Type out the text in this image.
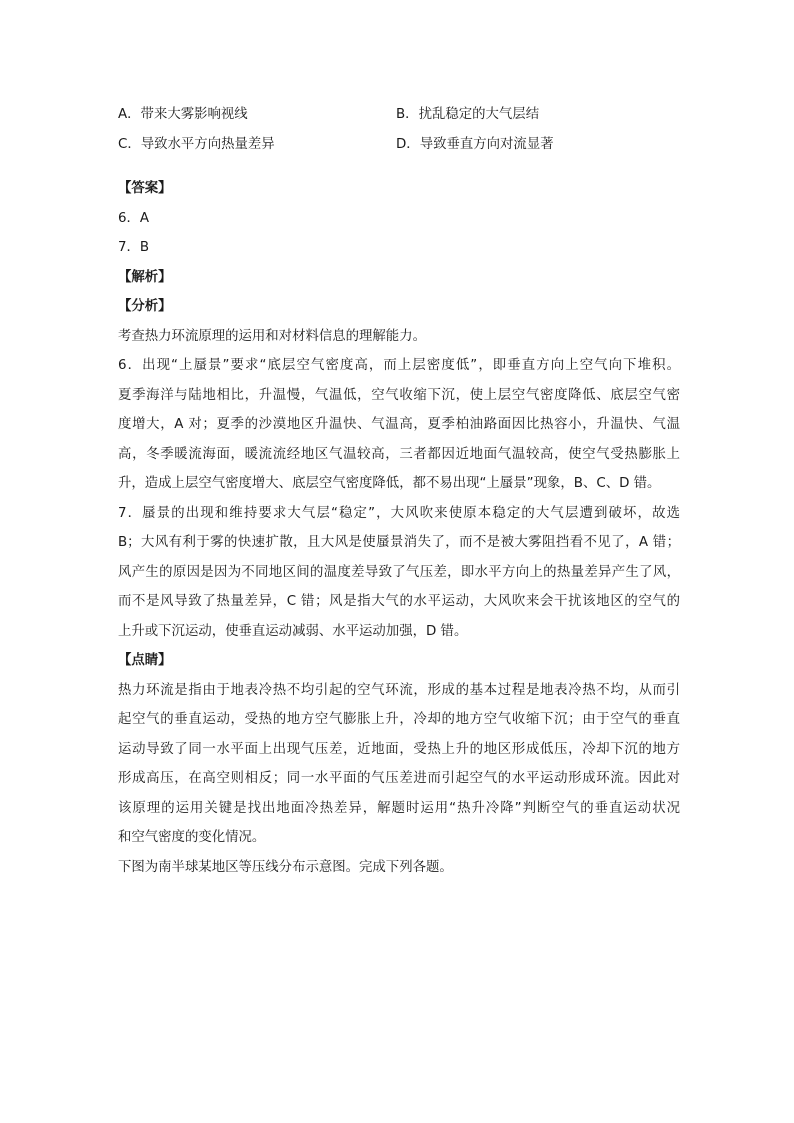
A．带来大雾影响视线	B．扰乱稳定的大气层结
C．导致水平方向热量差异	D．导致垂直方向对流显著

【答案】

6．A

7．B

【解析】

【分析】

考查热力环流原理的运用和对材料信息的理解能力。

6．出现“上蜃景”要求“底层空气密度高，而上层密度低”，即垂直方向上空气向下堆积。

夏季海洋与陆地相比，升温慢，气温低，空气收缩下沉，使上层空气密度降低、底层空气密

度增大，A 对；夏季的沙漠地区升温快、气温高，夏季柏油路面因比热容小，升温快、气温

高，冬季暖流海面，暖流流经地区气温较高，三者都因近地面气温较高，使空气受热膨胀上

升，造成上层空气密度增大、底层空气密度降低，都不易出现“上蜃景”现象，B、C、D 错。

7．蜃景的出现和维持要求大气层“稳定”，大风吹来使原本稳定的大气层遭到破坏，故选

B；大风有利于雾的快速扩散，且大风是使蜃景消失了，而不是被大雾阻挡看不见了，A 错；

风产生的原因是因为不同地区间的温度差导致了气压差，即水平方向上的热量差异产生了风，

而不是风导致了热量差异，C 错；风是指大气的水平运动，大风吹来会干扰该地区的空气的

上升或下沉运动，使垂直运动减弱、水平运动加强，D 错。

【点睛】

热力环流是指由于地表冷热不均引起的空气环流，形成的基本过程是地表冷热不均，从而引

起空气的垂直运动，受热的地方空气膨胀上升，冷却的地方空气收缩下沉；由于空气的垂直

运动导致了同一水平面上出现气压差，近地面，受热上升的地区形成低压，冷却下沉的地方

形成高压，在高空则相反；同一水平面的气压差进而引起空气的水平运动形成环流。因此对

该原理的运用关键是找出地面冷热差异，解题时运用“热升冷降”判断空气的垂直运动状况

和空气密度的变化情况。

下图为南半球某地区等压线分布示意图。完成下列各题。
